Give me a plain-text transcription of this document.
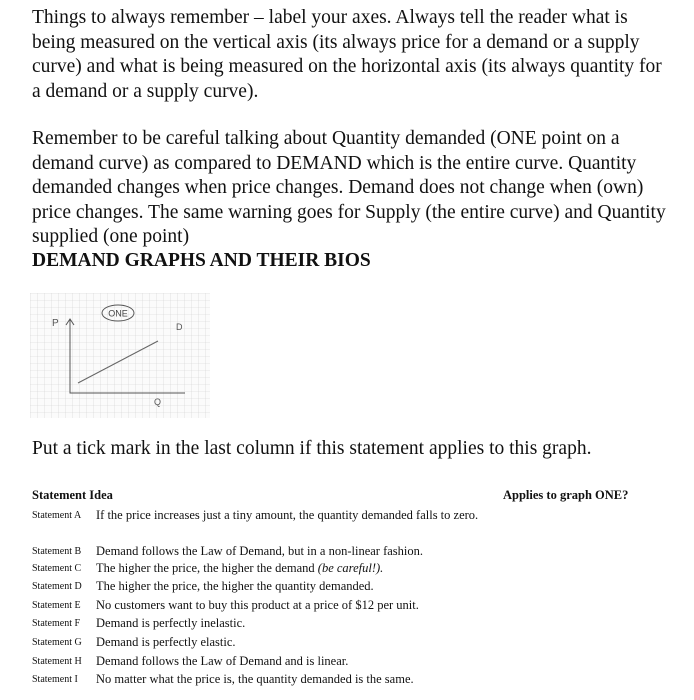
Things to always remember – label your axes. Always tell the reader what is being measured on the vertical axis (its always price for a demand or a supply curve) and what is being measured on the horizontal axis (its always quantity for a demand or a supply curve).

Remember to be careful talking about Quantity demanded (ONE point on a demand curve) as compared to DEMAND which is the entire curve. Quantity demanded changes when price changes. Demand does not change when (own) price changes. The same warning goes for Supply (the entire curve) and Quantity supplied (one point)

DEMAND GRAPHS AND THEIR BIOS

ONE
P	D
Q

Put a tick mark in the last column if this statement applies to this graph.

Statement Idea	Applies to graph ONE?
Statement A	If the price increases just a tiny amount, the quantity demanded falls to zero.
Statement B	Demand follows the Law of Demand, but in a non-linear fashion.
Statement C	The higher the price, the higher the demand (be careful!).
Statement D	The higher the price, the higher the quantity demanded.
Statement E	No customers want to buy this product at a price of $12 per unit.
Statement F	Demand is perfectly inelastic.
Statement G	Demand is perfectly elastic.
Statement H	Demand follows the Law of Demand and is linear.
Statement I	No matter what the price is, the quantity demanded is the same.
